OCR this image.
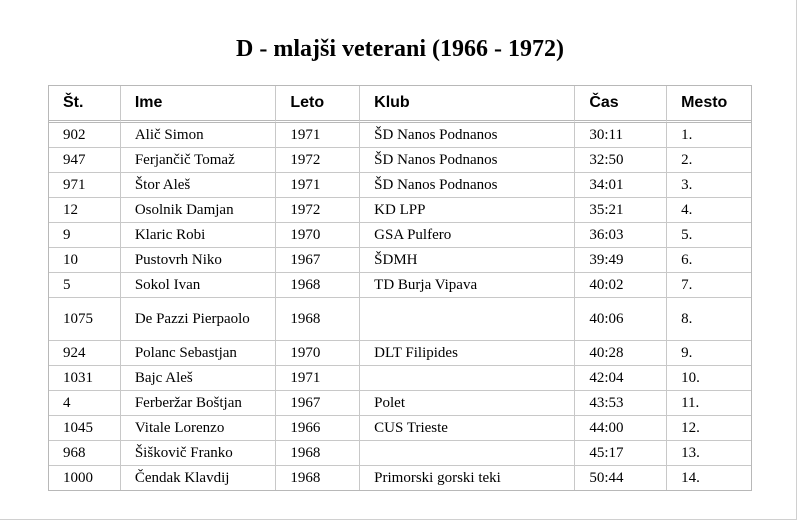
D - mlajši veterani (1966 - 1972)
Št.	Ime	Leto	Klub	Čas	Mesto
902	Alič Simon	1971	ŠD Nanos Podnanos	30:11	1.
947	Ferjančič Tomaž	1972	ŠD Nanos Podnanos	32:50	2.
971	Štor Aleš	1971	ŠD Nanos Podnanos	34:01	3.
12	Osolnik Damjan	1972	KD LPP	35:21	4.
9	Klaric Robi	1970	GSA Pulfero	36:03	5.
10	Pustovrh Niko	1967	ŠDMH	39:49	6.
5	Sokol Ivan	1968	TD Burja Vipava	40:02	7.
1075	De Pazzi Pierpaolo	1968		40:06	8.
924	Polanc Sebastjan	1970	DLT Filipides	40:28	9.
1031	Bajc Aleš	1971		42:04	10.
4	Ferberžar Boštjan	1967	Polet	43:53	11.
1045	Vitale Lorenzo	1966	CUS Trieste	44:00	12.
968	Šiškovič Franko	1968		45:17	13.
1000	Čendak Klavdij	1968	Primorski gorski teki	50:44	14.
